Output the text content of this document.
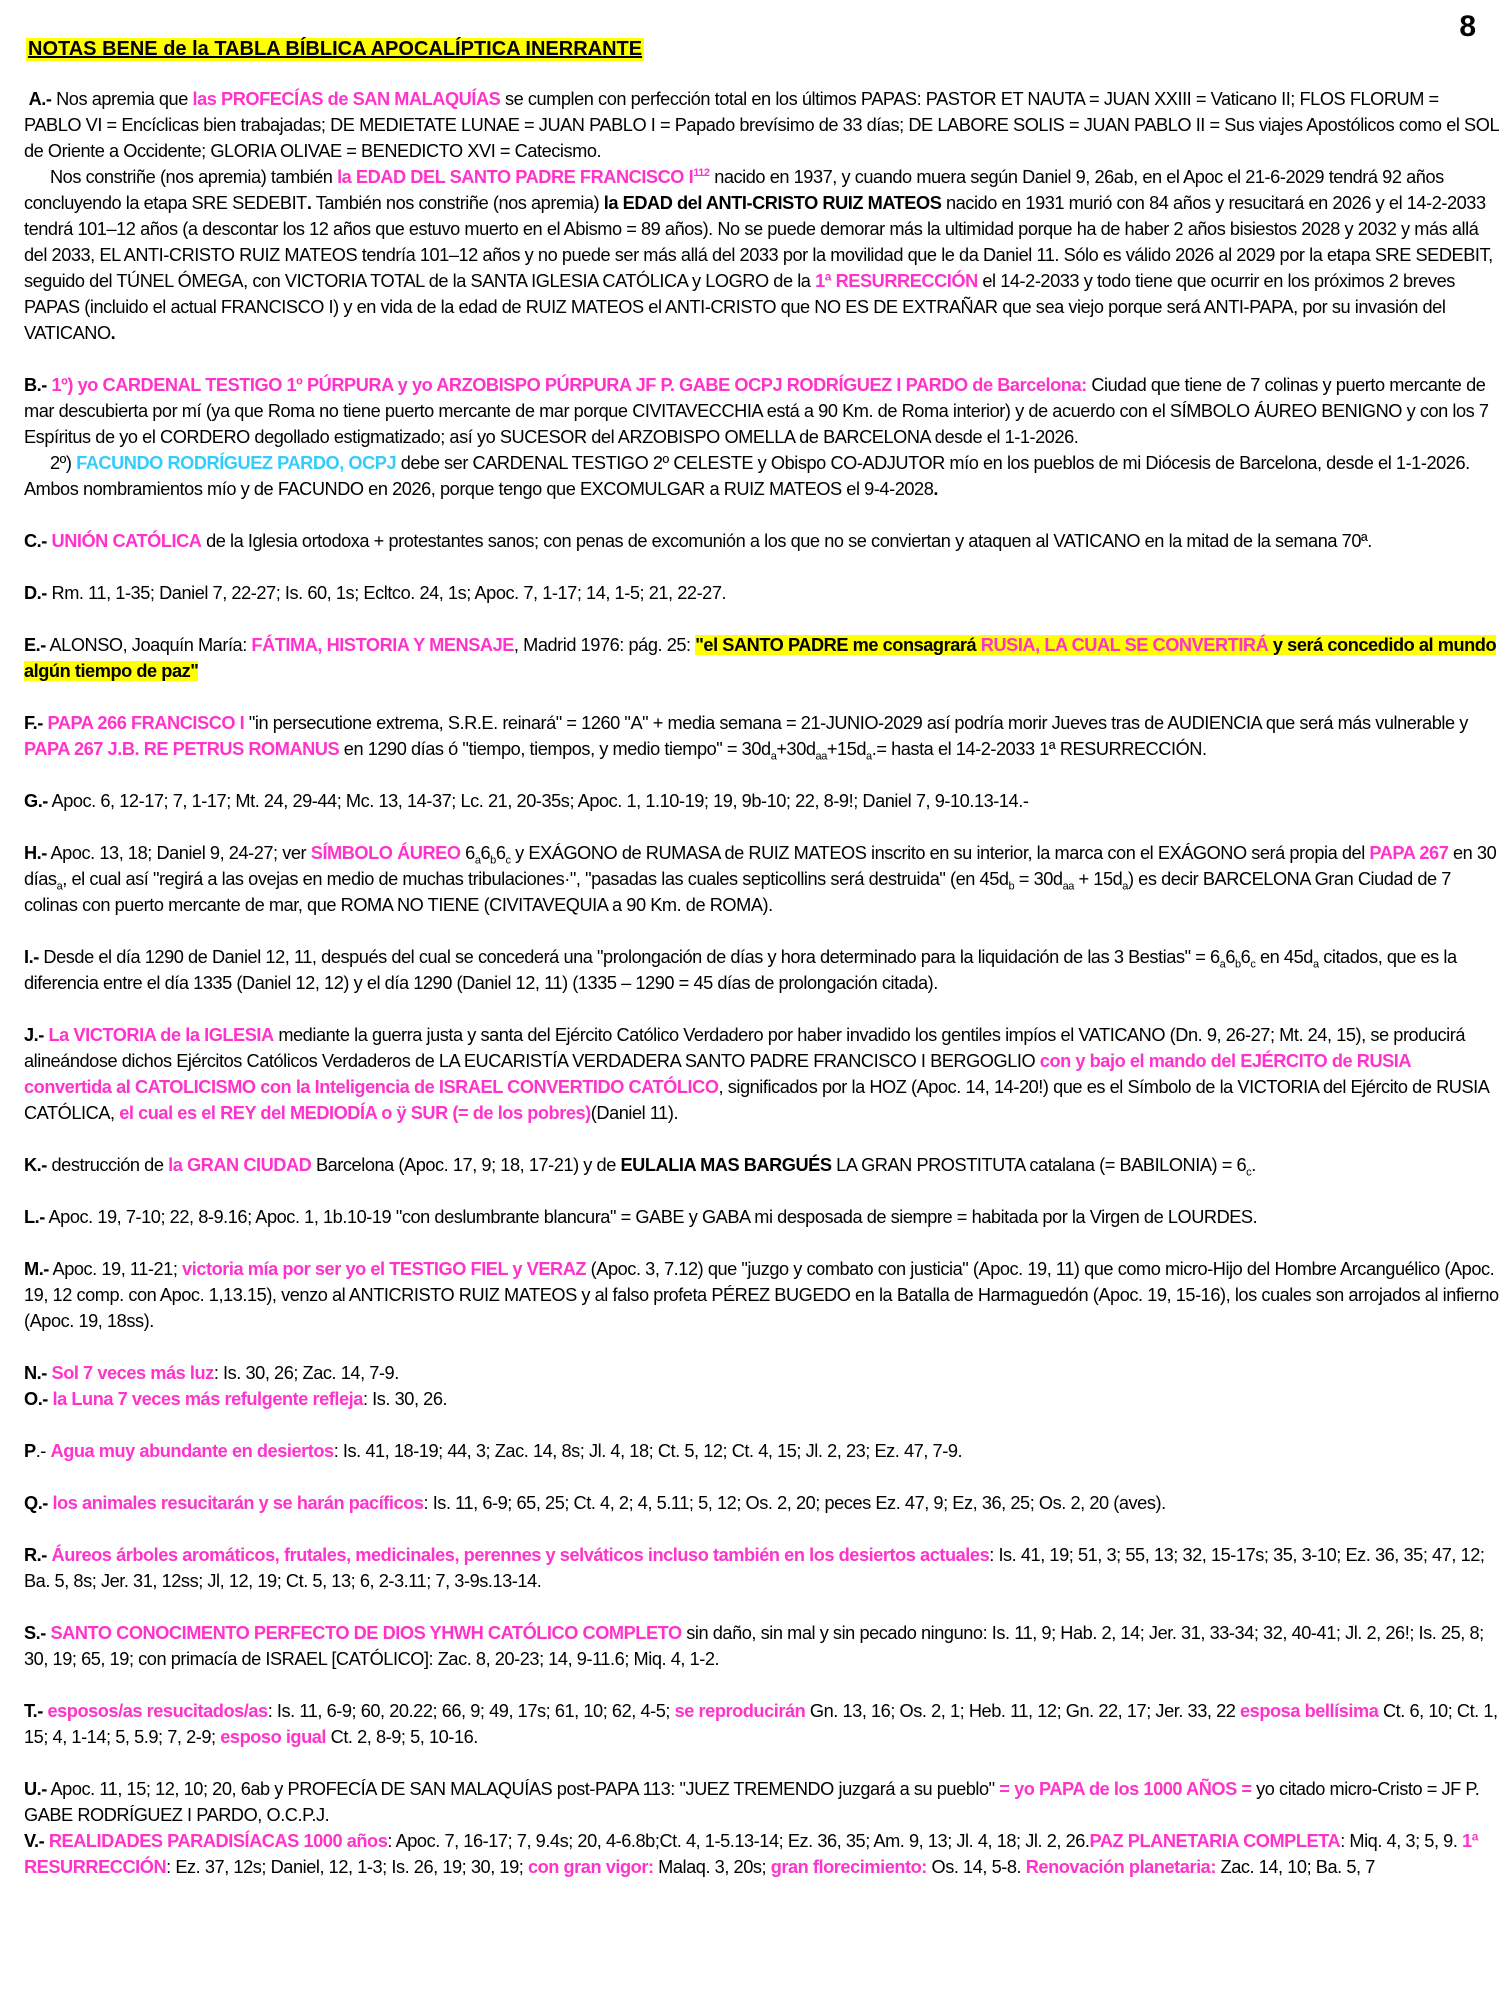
8
NOTAS BENE de la TABLA BÍBLICA APOCALÍPTICA INERRANTE

A.- Nos apremia que las PROFECÍAS de SAN MALAQUÍAS se cumplen con perfección total en los últimos PAPAS: PASTOR ET NAUTA = JUAN XXIII = Vaticano II; FLOS FLORUM = PABLO VI = Encíclicas bien trabajadas; DE MEDIETATE LUNAE = JUAN PABLO I = Papado brevísimo de 33 días; DE LABORE SOLIS = JUAN PABLO II = Sus viajes Apostólicos como el SOL de Oriente a Occidente; GLORIA OLIVAE = BENEDICTO XVI = Catecismo.

Nos constriñe (nos apremia) también la EDAD DEL SANTO PADRE FRANCISCO $I^{112}$ nacido en 1937, y cuando muera según Daniel 9, 26ab, en el Apoc el 21-6-2029 tendrá 92 años concluyendo la etapa SRE SEDEBIT. También nos constriñe (nos apremia) la EDAD del ANTI-CRISTO RUIZ MATEOS nacido en 1931 murió con 84 años y resucitará en 2026 y el 14-2-2033 tendrá 101–12 años (a descontar los 12 años que estuvo muerto en el Abismo = 89 años). No se puede demorar más la ultimidad porque ha de haber 2 años bisiestos 2028 y 2032 y más allá del 2033, EL ANTI-CRISTO RUIZ MATEOS tendría 101–12 años y no puede ser más allá del 2033 por la movilidad que le da Daniel 11. Sólo es válido 2026 al 2029 por la etapa SRE SEDEBIT, seguido del TÚNEL ÓMEGA, con VICTORIA TOTAL de la SANTA IGLESIA CATÓLICA y LOGRO de la 1ª RESURRECCIÓN el 14-2-2033 y todo tiene que ocurrir en los próximos 2 breves PAPAS (incluido el actual FRANCISCO I) y en vida de la edad de RUIZ MATEOS el ANTI-CRISTO que NO ES DE EXTRAÑAR que sea viejo porque será ANTI-PAPA, por su invasión del VATICANO.

B.- 1º) yo CARDENAL TESTIGO 1º PÚRPURA y yo ARZOBISPO PÚRPURA JF P. GABE OCPJ RODRÍGUEZ I PARDO de Barcelona: Ciudad que tiene de 7 colinas y puerto mercante de mar descubierta por mí (ya que Roma no tiene puerto mercante de mar porque CIVITAVECCHIA está a 90 Km. de Roma interior) y de acuerdo con el SÍMBOLO ÁUREO BENIGNO y con los 7 Espíritus de yo el CORDERO degollado estigmatizado; así yo SUCESOR del ARZOBISPO OMELLA de BARCELONA desde el 1-1-2026.

2º) FACUNDO RODRÍGUEZ PARDO, OCPJ debe ser CARDENAL TESTIGO 2º CELESTE y Obispo CO-ADJUTOR mío en los pueblos de mi Diócesis de Barcelona, desde el 1-1-2026. Ambos nombramientos mío y de FACUNDO en 2026, porque tengo que EXCOMULGAR a RUIZ MATEOS el 9-4-2028.

C.- UNIÓN CATÓLICA de la Iglesia ortodoxa + protestantes sanos; con penas de excomunión a los que no se conviertan y ataquen al VATICANO en la mitad de la semana 70ª.

D.- Rm. 11, 1-35; Daniel 7, 22-27; Is. 60, 1s; Ecltco. 24, 1s; Apoc. 7, 1-17; 14, 1-5; 21, 22-27.

E.- ALONSO, Joaquín María: FÁTIMA, HISTORIA Y MENSAJE, Madrid 1976: pág. 25: "el SANTO PADRE me consagrará RUSIA, LA CUAL SE CONVERTIRÁ y será concedido al mundo algún tiempo de paz"

F.- PAPA 266 FRANCISCO I "in persecutione extrema, S.R.E. reinará" = 1260 "A" + media semana = 21-JUNIO-2029 así podría morir Jueves tras de AUDIENCIA que será más vulnerable y PAPA 267 J.B. RE PETRUS ROMANUS en 1290 días ó "tiempo, tiempos, y medio tiempo" = $30d_a+30d_{aa}+15d_a.=$ hasta el 14-2-2033 1ª RESURRECCIÓN.

G.- Apoc. 6, 12-17; 7, 1-17; Mt. 24, 29-44; Mc. 13, 14-37; Lc. 21, 20-35s; Apoc. 1, 1.10-19; 19, 9b-10; 22, 8-9!; Daniel 7, 9-10.13-14.-

H.- Apoc. 13, 18; Daniel 9, 24-27; ver SÍMBOLO ÁUREO $6_a6_b6_c$ y EXÁGONO de RUMASA de RUIZ MATEOS inscrito en su interior, la marca con el EXÁGONO será propia del PAPA 267 en 30 días$_a$, el cual así "regirá a las ovejas en medio de muchas tribulaciones·", "pasadas las cuales septicollins será destruida" (en $45d_b = 30d_{aa} + 15d_a$) es decir BARCELONA Gran Ciudad de 7 colinas con puerto mercante de mar, que ROMA NO TIENE (CIVITAVEQUIA a 90 Km. de ROMA).

I.- Desde el día 1290 de Daniel 12, 11, después del cual se concederá una "prolongación de días y hora determinado para la liquidación de las 3 Bestias" = $6_a6_b6_c$ en $45d_a$ citados, que es la diferencia entre el día 1335 (Daniel 12, 12) y el día 1290 (Daniel 12, 11) (1335 – 1290 = 45 días de prolongación citada).

J.- La VICTORIA de la IGLESIA mediante la guerra justa y santa del Ejército Católico Verdadero por haber invadido los gentiles impíos el VATICANO (Dn. 9, 26-27; Mt. 24, 15), se producirá alineándose dichos Ejércitos Católicos Verdaderos de LA EUCARISTÍA VERDADERA SANTO PADRE FRANCISCO I BERGOGLIO con y bajo el mando del EJÉRCITO de RUSIA convertida al CATOLICISMO con la Inteligencia de ISRAEL CONVERTIDO CATÓLICO, significados por la HOZ (Apoc. 14, 14-20!) que es el Símbolo de la VICTORIA del Ejército de RUSIA CATÓLICA, el cual es el REY del MEDIODÍA o ÿ SUR (= de los pobres)(Daniel 11).

K.- destrucción de la GRAN CIUDAD Barcelona (Apoc. 17, 9; 18, 17-21) y de EULALIA MAS BARGUÉS LA GRAN PROSTITUTA catalana (= BABILONIA) = $6_c$.

L.- Apoc. 19, 7-10; 22, 8-9.16; Apoc. 1, 1b.10-19 "con deslumbrante blancura" = GABE y GABA mi desposada de siempre = habitada por la Virgen de LOURDES.

M.- Apoc. 19, 11-21; victoria mía por ser yo el TESTIGO FIEL y VERAZ (Apoc. 3, 7.12) que "juzgo y combato con justicia" (Apoc. 19, 11) que como micro-Hijo del Hombre Arcanguélico (Apoc. 19, 12 comp. con Apoc. 1,13.15), venzo al ANTICRISTO RUIZ MATEOS y al falso profeta PÉREZ BUGEDO en la Batalla de Harmaguedón (Apoc. 19, 15-16), los cuales son arrojados al infierno (Apoc. 19, 18ss).

N.- Sol 7 veces más luz: Is. 30, 26; Zac. 14, 7-9.

O.- la Luna 7 veces más refulgente refleja: Is. 30, 26.

P.- Agua muy abundante en desiertos: Is. 41, 18-19; 44, 3; Zac. 14, 8s; Jl. 4, 18; Ct. 5, 12; Ct. 4, 15; Jl. 2, 23; Ez. 47, 7-9.

Q.- los animales resucitarán y se harán pacíficos: Is. 11, 6-9; 65, 25; Ct. 4, 2; 4, 5.11; 5, 12; Os. 2, 20; peces Ez. 47, 9; Ez, 36, 25; Os. 2, 20 (aves).

R.- Áureos árboles aromáticos, frutales, medicinales, perennes y selváticos incluso también en los desiertos actuales: Is. 41, 19; 51, 3; 55, 13; 32, 15-17s; 35, 3-10; Ez. 36, 35; 47, 12; Ba. 5, 8s; Jer. 31, 12ss; Jl, 12, 19; Ct. 5, 13; 6, 2-3.11; 7, 3-9s.13-14.

S.- SANTO CONOCIMENTO PERFECTO DE DIOS YHWH CATÓLICO COMPLETO sin daño, sin mal y sin pecado ninguno: Is. 11, 9; Hab. 2, 14; Jer. 31, 33-34; 32, 40-41; Jl. 2, 26!; Is. 25, 8; 30, 19; 65, 19; con primacía de ISRAEL [CATÓLICO]: Zac. 8, 20-23; 14, 9-11.6; Miq. 4, 1-2.

T.- esposos/as resucitados/as: Is. 11, 6-9; 60, 20.22; 66, 9; 49, 17s; 61, 10; 62, 4-5; se reproducirán Gn. 13, 16; Os. 2, 1; Heb. 11, 12; Gn. 22, 17; Jer. 33, 22 esposa bellísima Ct. 6, 10; Ct. 1, 15; 4, 1-14; 5, 5.9; 7, 2-9; esposo igual Ct. 2, 8-9; 5, 10-16.

U.- Apoc. 11, 15; 12, 10; 20, 6ab y PROFECÍA DE SAN MALAQUÍAS post-PAPA 113: "JUEZ TREMENDO juzgará a su pueblo" = yo PAPA de los 1000 AÑOS = yo citado micro-Cristo = JF P. GABE RODRÍGUEZ I PARDO, O.C.P.J.

V.- REALIDADES PARADISÍACAS 1000 años: Apoc. 7, 16-17; 7, 9.4s; 20, 4-6.8b;Ct. 4, 1-5.13-14; Ez. 36, 35; Am. 9, 13; Jl. 4, 18; Jl. 2, 26.PAZ PLANETARIA COMPLETA: Miq. 4, 3; 5, 9. 1ª RESURRECCIÓN: Ez. 37, 12s; Daniel, 12, 1-3; Is. 26, 19; 30, 19; con gran vigor: Malaq. 3, 20s; gran florecimiento: Os. 14, 5-8. Renovación planetaria: Zac. 14, 10; Ba. 5, 7
